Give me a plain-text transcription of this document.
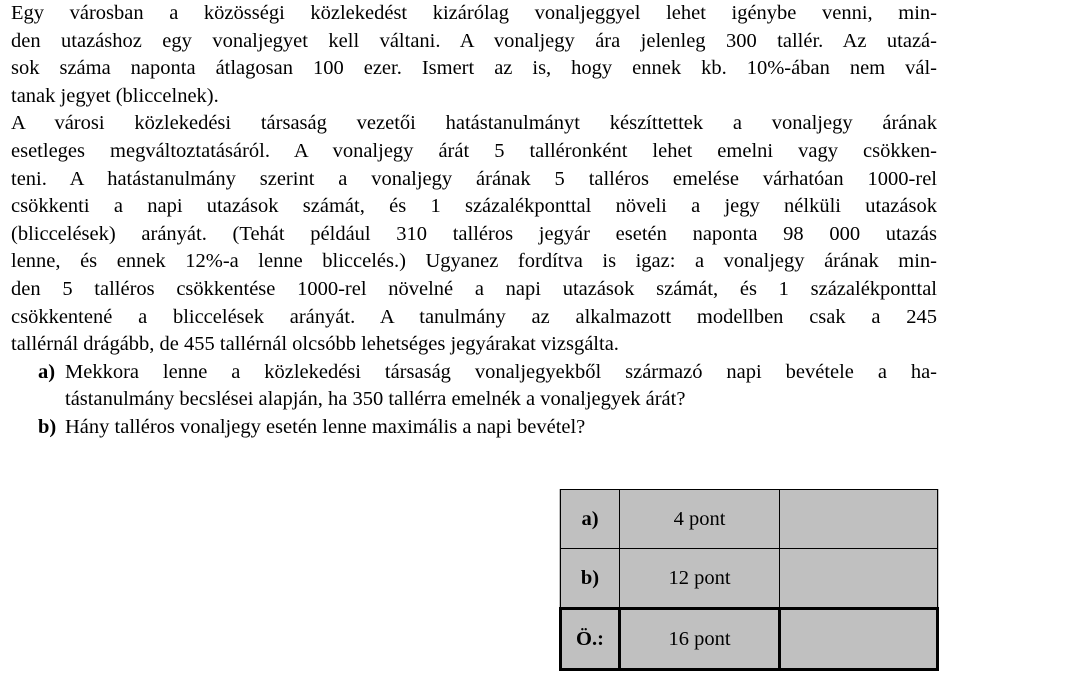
Egy városban a közösségi közlekedést kizárólag vonaljeggyel lehet igénybe venni, min-
den utazáshoz egy vonaljegyet kell váltani. A vonaljegy ára jelenleg 300 tallér. Az utazá-
sok száma naponta átlagosan 100 ezer. Ismert az is, hogy ennek kb. 10%-ában nem vál-
tanak jegyet (bliccelnek).

A városi közlekedési társaság vezetői hatástanulmányt készíttettek a vonaljegy árának
esetleges megváltoztatásáról. A vonaljegy árát 5 talléronként lehet emelni vagy csökken-
teni. A hatástanulmány szerint a vonaljegy árának 5 talléros emelése várhatóan 1000-rel
csökkenti a napi utazások számát, és 1 százalékponttal növeli a jegy nélküli utazások
(bliccelések) arányát. (Tehát például 310 talléros jegyár esetén naponta 98 000 utazás
lenne, és ennek 12%-a lenne bliccelés.) Ugyanez fordítva is igaz: a vonaljegy árának min-
den 5 talléros csökkentése 1000-rel növelné a napi utazások számát, és 1 százalékponttal
csökkentené a bliccelések arányát. A tanulmány az alkalmazott modellben csak a 245
tallérnál drágább, de 455 tallérnál olcsóbb lehetséges jegyárakat vizsgálta.

a) Mekkora lenne a közlekedési társaság vonaljegyekből származó napi bevétele a ha-
tástanulmány becslései alapján, ha 350 tallérra emelnék a vonaljegyek árát?

b) Hány talléros vonaljegy esetén lenne maximális a napi bevétel?

a)	4 pont	
b)	12 pont	
Ö.:	16 pont	
